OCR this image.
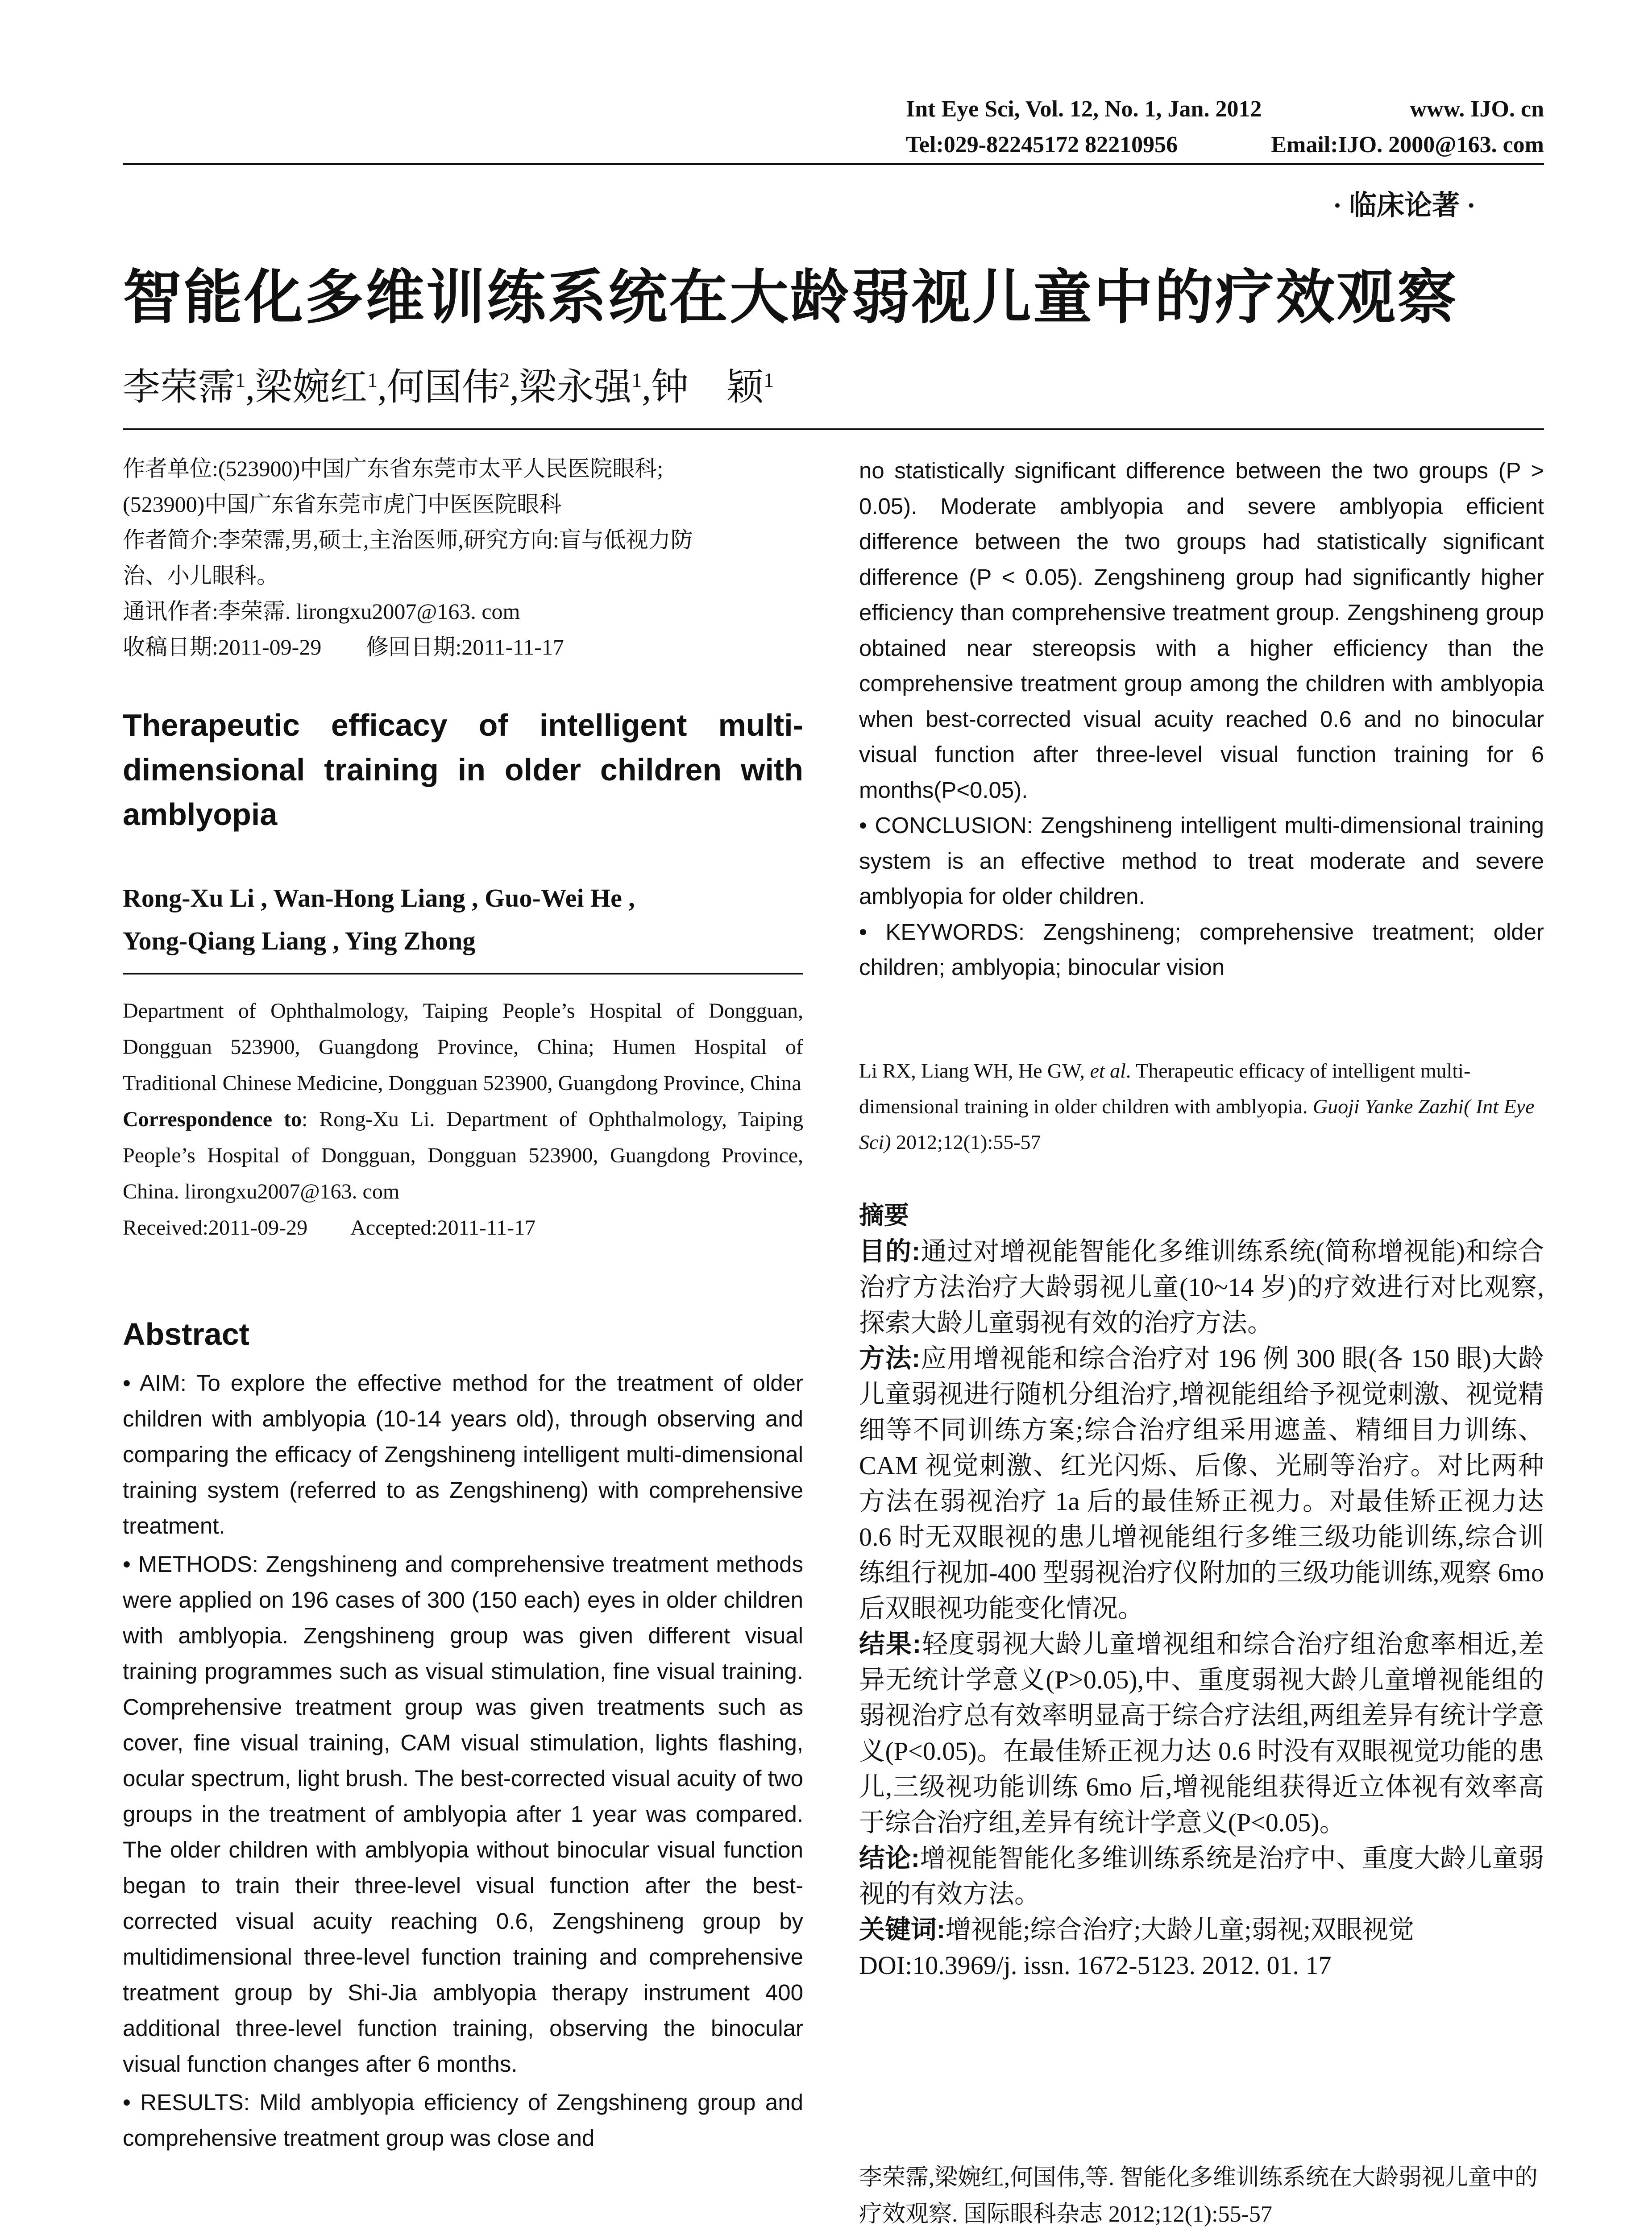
Int Eye Sci, Vol. 12, No. 1, Jan. 2012	www. IJO. cn
Tel:029-82245172 82210956	Email:IJO. 2000@163. com
· 临床论著 ·
智能化多维训练系统在大龄弱视儿童中的疗效观察
李荣霈$^1$,梁婉红$^1$,何国伟$^2$,梁永强$^1$,钟　颖$^1$
作者单位:(523900)中国广东省东莞市太平人民医院眼科;
(523900)中国广东省东莞市虎门中医医院眼科
作者简介:李荣霈,男,硕士,主治医师,研究方向:盲与低视力防
治、小儿眼科。
通讯作者:李荣霈. lirongxu2007@163. com
收稿日期:2011-09-29　　修回日期:2011-11-17
Therapeutic efficacy of intelligent multi-dimensional training in older children with amblyopia
Rong-Xu Li , Wan-Hong Liang , Guo-Wei He ,
Yong-Qiang Liang , Ying Zhong
Department of Ophthalmology, Taiping People’s Hospital of Dongguan, Dongguan 523900, Guangdong Province, China; Humen Hospital of Traditional Chinese Medicine, Dongguan 523900, Guangdong Province, China
Correspondence to: Rong-Xu Li. Department of Ophthalmology, Taiping People’s Hospital of Dongguan, Dongguan 523900, Guangdong Province, China. lirongxu2007@163. com
Received:2011-09-29　　Accepted:2011-11-17
Abstract

• AIM: To explore the effective method for the treatment of older children with amblyopia (10-14 years old), through observing and comparing the efficacy of Zengshineng intelligent multi-dimensional training system (referred to as Zengshineng) with comprehensive treatment.

• METHODS: Zengshineng and comprehensive treatment methods were applied on 196 cases of 300 (150 each) eyes in older children with amblyopia. Zengshineng group was given different visual training programmes such as visual stimulation, fine visual training. Comprehensive treatment group was given treatments such as cover, fine visual training, CAM visual stimulation, lights flashing, ocular spectrum, light brush. The best-corrected visual acuity of two groups in the treatment of amblyopia after 1 year was compared. The older children with amblyopia without binocular visual function began to train their three-level visual function after the best-corrected visual acuity reaching 0.6, Zengshineng group by multidimensional three-level function training and comprehensive treatment group by Shi-Jia amblyopia therapy instrument 400 additional three-level function training, observing the binocular visual function changes after 6 months.

• RESULTS: Mild amblyopia efficiency of Zengshineng group and comprehensive treatment group was close and

no statistically significant difference between the two groups (P > 0.05). Moderate amblyopia and severe amblyopia efficient difference between the two groups had statistically significant difference (P < 0.05). Zengshineng group had significantly higher efficiency than comprehensive treatment group. Zengshineng group obtained near stereopsis with a higher efficiency than the comprehensive treatment group among the children with amblyopia when best-corrected visual acuity reached 0.6 and no binocular visual function after three-level visual function training for 6 months(P<0.05).

• CONCLUSION: Zengshineng intelligent multi-dimensional training system is an effective method to treat moderate and severe amblyopia for older children.

• KEYWORDS: Zengshineng; comprehensive treatment; older children; amblyopia; binocular vision

Li RX, Liang WH, He GW, et al. Therapeutic efficacy of intelligent multi-dimensional training in older children with amblyopia. Guoji Yanke Zazhi( Int Eye Sci) 2012;12(1):55-57
摘要

目的:通过对增视能智能化多维训练系统(简称增视能)和综合治疗方法治疗大龄弱视儿童(10~14 岁)的疗效进行对比观察,探索大龄儿童弱视有效的治疗方法。

方法:应用增视能和综合治疗对 196 例 300 眼(各 150 眼)大龄儿童弱视进行随机分组治疗,增视能组给予视觉刺激、视觉精细等不同训练方案;综合治疗组采用遮盖、精细目力训练、CAM 视觉刺激、红光闪烁、后像、光刷等治疗。对比两种方法在弱视治疗 1a 后的最佳矫正视力。对最佳矫正视力达 0.6 时无双眼视的患儿增视能组行多维三级功能训练,综合训练组行视加-400 型弱视治疗仪附加的三级功能训练,观察 6mo 后双眼视功能变化情况。

结果:轻度弱视大龄儿童增视组和综合治疗组治愈率相近,差异无统计学意义(P>0.05),中、重度弱视大龄儿童增视能组的弱视治疗总有效率明显高于综合疗法组,两组差异有统计学意义(P<0.05)。在最佳矫正视力达 0.6 时没有双眼视觉功能的患儿,三级视功能训练 6mo 后,增视能组获得近立体视有效率高于综合治疗组,差异有统计学意义(P<0.05)。

结论:增视能智能化多维训练系统是治疗中、重度大龄儿童弱视的有效方法。

关键词:增视能;综合治疗;大龄儿童;弱视;双眼视觉

DOI:10.3969/j. issn. 1672-5123. 2012. 01. 17

李荣霈,梁婉红,何国伟,等. 智能化多维训练系统在大龄弱视儿童中的疗效观察. 国际眼科杂志 2012;12(1):55-57
